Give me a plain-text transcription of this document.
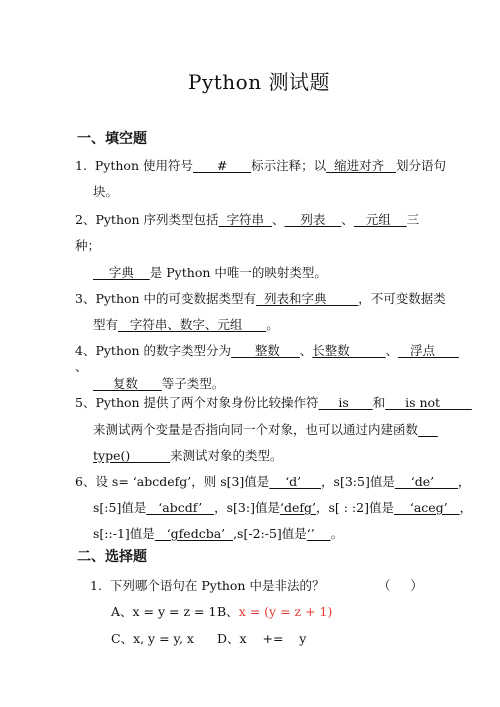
Python 测试题
一、填空题
1.  Python 使用符号      #      标示注释；以  缩进对齐   划分语句
块。
2、Python 序列类型包括  字符串  、    列表    、   元组    三
种；
字典    是 Python 中唯一的映射类型。
3、Python 中的可变数据类型有  列表和字典        ，不可变数据类
型有   字符串、数字、元组      。
4、Python 的数字类型分为      整数     、长整数         、   浮点
、
复数      等子类型。
5、Python 提供了两个对象身份比较操作符     is      和     is not
来测试两个变量是否指向同一个对象，也可以通过内建函数
type()          来测试对象的类型。
6、设 s= ‘abcdefg’，则 s[3]值是    ‘d’     ，s[3:5]值是    ‘de’      ，
s[:5]值是   ‘abcdf’   ，s[3:]值是‘defg’，s[ : :2]值是    ‘aceg’   ，
s[::-1]值是   ‘gfedcba’  ,s[-2:-5]值是‘’    。
二、选择题
1.  下列哪个语句在 Python 中是非法的？	（     ）
A、x = y = z = 1 B、x = (y = z + 1)
C、x, y = y, x D、x    +=    y
